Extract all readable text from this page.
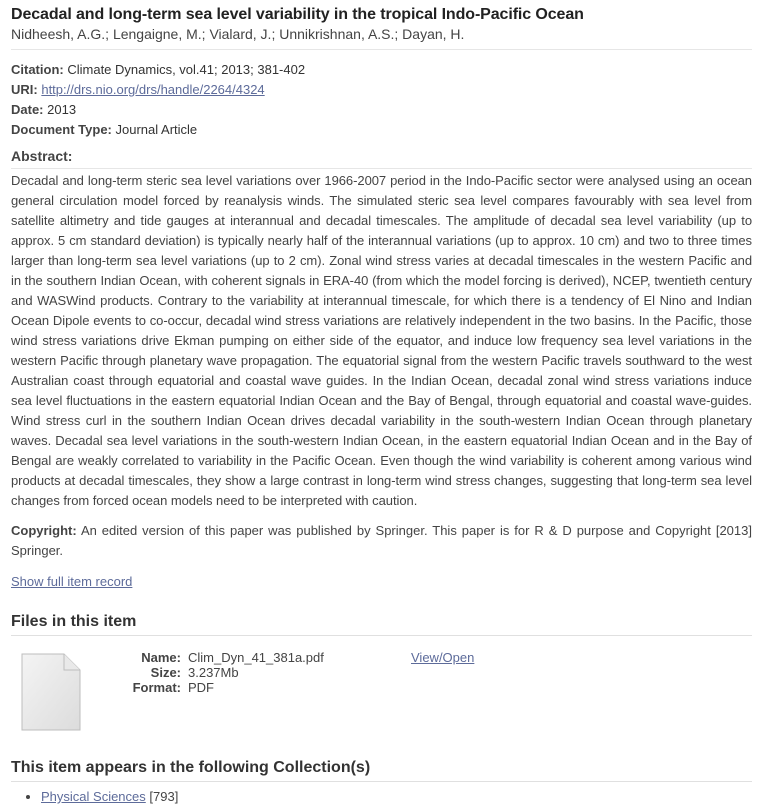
Decadal and long-term sea level variability in the tropical Indo-Pacific Ocean
Nidheesh, A.G.; Lengaigne, M.; Vialard, J.; Unnikrishnan, A.S.; Dayan, H.
Citation: Climate Dynamics, vol.41; 2013; 381-402
URI: http://drs.nio.org/drs/handle/2264/4324
Date: 2013
Document Type: Journal Article
Abstract:
Decadal and long-term steric sea level variations over 1966-2007 period in the Indo-Pacific sector were analysed using an ocean general circulation model forced by reanalysis winds. The simulated steric sea level compares favourably with sea level from satellite altimetry and tide gauges at interannual and decadal timescales. The amplitude of decadal sea level variability (up to approx. 5 cm standard deviation) is typically nearly half of the interannual variations (up to approx. 10 cm) and two to three times larger than long-term sea level variations (up to 2 cm). Zonal wind stress varies at decadal timescales in the western Pacific and in the southern Indian Ocean, with coherent signals in ERA-40 (from which the model forcing is derived), NCEP, twentieth century and WASWind products. Contrary to the variability at interannual timescale, for which there is a tendency of El Nino and Indian Ocean Dipole events to co-occur, decadal wind stress variations are relatively independent in the two basins. In the Pacific, those wind stress variations drive Ekman pumping on either side of the equator, and induce low frequency sea level variations in the western Pacific through planetary wave propagation. The equatorial signal from the western Pacific travels southward to the west Australian coast through equatorial and coastal wave guides. In the Indian Ocean, decadal zonal wind stress variations induce sea level fluctuations in the eastern equatorial Indian Ocean and the Bay of Bengal, through equatorial and coastal wave-guides. Wind stress curl in the southern Indian Ocean drives decadal variability in the south-western Indian Ocean through planetary waves. Decadal sea level variations in the south-western Indian Ocean, in the eastern equatorial Indian Ocean and in the Bay of Bengal are weakly correlated to variability in the Pacific Ocean. Even though the wind variability is coherent among various wind products at decadal timescales, they show a large contrast in long-term wind stress changes, suggesting that long-term sea level changes from forced ocean models need to be interpreted with caution.
Copyright: An edited version of this paper was published by Springer. This paper is for R & D purpose and Copyright [2013] Springer.
Show full item record
Files in this item
Name:	Clim_Dyn_41_381a.pdf
Size:	3.237Mb
Format:	PDF
View/Open
This item appears in the following Collection(s)
• Physical Sciences [793]
